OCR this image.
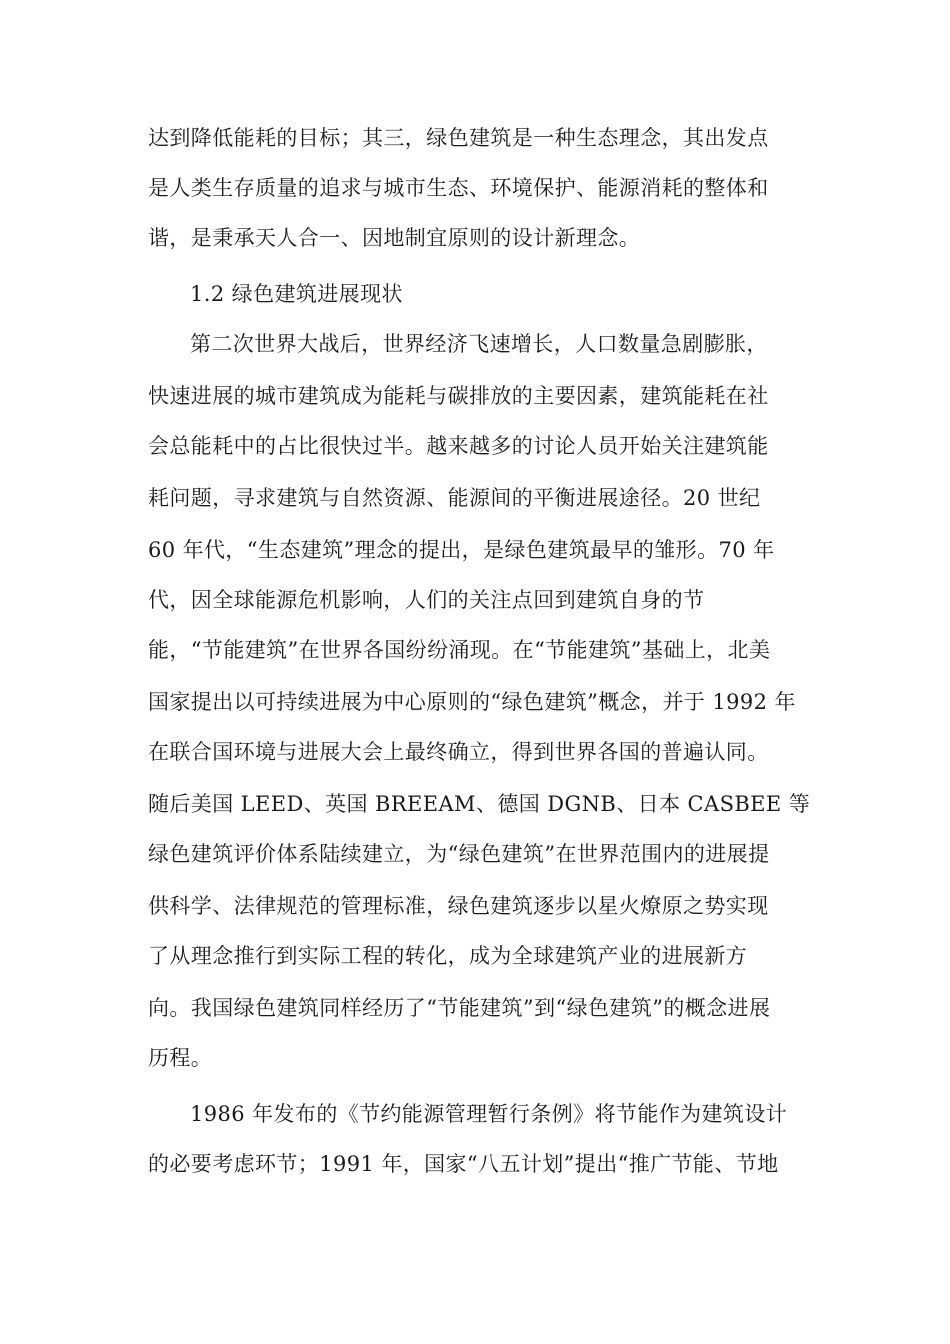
达到降低能耗的目标；其三，绿色建筑是一种生态理念，其出发点
是人类生存质量的追求与城市生态、环境保护、能源消耗的整体和
谐，是秉承天人合一、因地制宜原则的设计新理念。
1.2 绿色建筑进展现状
第二次世界大战后，世界经济飞速增长，人口数量急剧膨胀，
快速进展的城市建筑成为能耗与碳排放的主要因素，建筑能耗在社
会总能耗中的占比很快过半。越来越多的讨论人员开始关注建筑能
耗问题，寻求建筑与自然资源、能源间的平衡进展途径。20 世纪
60 年代，“生态建筑”理念的提出，是绿色建筑最早的雏形。70 年
代，因全球能源危机影响，人们的关注点回到建筑自身的节
能，“节能建筑”在世界各国纷纷涌现。在“节能建筑”基础上，北美
国家提出以可持续进展为中心原则的“绿色建筑”概念，并于 1992 年
在联合国环境与进展大会上最终确立，得到世界各国的普遍认同。
随后美国 LEED、英国 BREEAM、德国 DGNB、日本 CASBEE 等
绿色建筑评价体系陆续建立，为“绿色建筑”在世界范围内的进展提
供科学、法律规范的管理标准，绿色建筑逐步以星火燎原之势实现
了从理念推行到实际工程的转化，成为全球建筑产业的进展新方
向。我国绿色建筑同样经历了“节能建筑”到“绿色建筑”的概念进展
历程。
1986 年发布的《节约能源管理暂行条例》将节能作为建筑设计
的必要考虑环节；1991 年，国家“八五计划”提出“推广节能、节地
